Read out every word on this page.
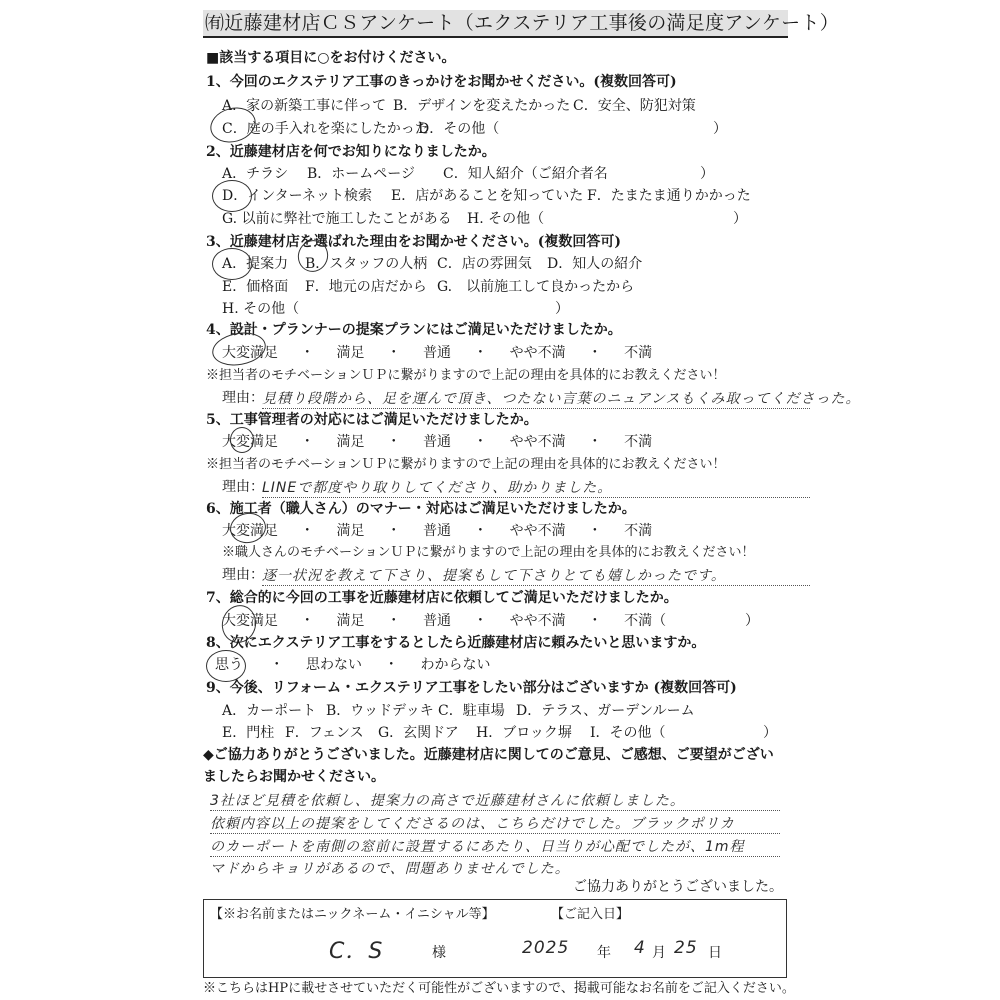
㈲近藤建材店ＣＳアンケート（エクステリア工事後の満足度アンケート）
■該当する項目に○をお付けください。
1、今回のエクステリア工事のきっかけをお聞かせください。(複数回答可)
A．家の新築工事に伴って B．デザインを変えたかった C．安全、防犯対策
C．庭の手入れを楽にしたかった
D．その他（	）
2、近藤建材店を何でお知りになりましたか。
A．チラシ B．ホームページ C．知人紹介（ご紹介者名	）
D．インターネット検索 E．店があることを知っていた F．たまたま通りかかった
G. 以前に弊社で施工したことがある H. その他（	）
3、近藤建材店を選ばれた理由をお聞かせください。(複数回答可)
A．提案力 B．スタッフの人柄 C．店の雰囲気 D．知人の紹介
E．価格面 F．地元の店だから G.　以前施工して良かったから
H. その他（	）
4、設計・プランナーの提案プランにはご満足いただけましたか。
大変満足 ・ 満足 ・ 普通 ・ やや不満 ・ 不満
※担当者のモチベーションＵＰに繋がりますので上記の理由を具体的にお教えください！
理由：
見積り段階から、足を運んで頂き、つたない言葉のニュアンスもくみ取ってくださった。
5、工事管理者の対応にはご満足いただけましたか。
大変満足 ・ 満足 ・ 普通 ・ やや不満 ・ 不満
※担当者のモチベーションＵＰに繋がりますので上記の理由を具体的にお教えください！
理由：
LINEで都度やり取りしてくださり、助かりました。
6、施工者（職人さん）のマナー・対応はご満足いただけましたか。
大変満足 ・ 満足 ・ 普通 ・ やや不満 ・ 不満
※職人さんのモチベーションＵＰに繋がりますので上記の理由を具体的にお教えください！
理由：
逐一状況を教えて下さり、提案もして下さりとても嬉しかったです。
7、総合的に今回の工事を近藤建材店に依頼してご満足いただけましたか。
大変満足 ・ 満足 ・ 普通 ・ やや不満 ・ 不満（	）
8、次にエクステリア工事をするとしたら近藤建材店に頼みたいと思いますか。
思う ・ 思わない ・ わからない
9、今後、リフォーム・エクステリア工事をしたい部分はございますか (複数回答可)
A．カーポート B．ウッドデッキ C．駐車場 D．テラス、ガーデンルーム
E．門柱 F．フェンス G．玄関ドア H．ブロック塀 I．その他（	）
◆ご協力ありがとうございました。近藤建材店に関してのご意見、ご感想、ご要望がござい
ましたらお聞かせください。
3社ほど見積を依頼し、提案力の高さで近藤建材さんに依頼しました。
依頼内容以上の提案をしてくださるのは、こちらだけでした。ブラックポリカ
のカーポートを南側の窓前に設置するにあたり、日当りが心配でしたが、1m程
マドからキョリがあるので、問題ありませんでした。
ご協力ありがとうございました。
【※お名前またはニックネーム・イニシャル等】	【ご記入日】
C．S	様	2025 年 4 月 25 日
※こちらはHPに載せさせていただく可能性がございますので、掲載可能なお名前をご記入ください。
